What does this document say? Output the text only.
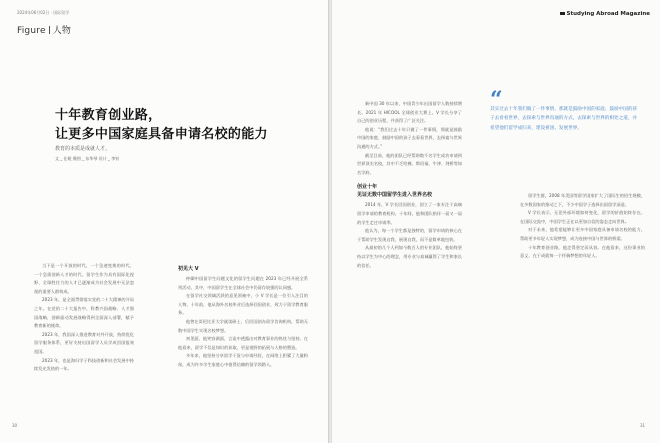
2024年06月02日 · 国际留学
Figure 人物
十年教育创业路，
让更多中国家庭具备申请名校的能力
教育的本质是成就人才。
文 _ 仕妮 摄图 _ 东华琴 设计 _ 李钊

当下是一个开放的时代，一个急速变换的时代，一个急需创新人才的时代。留学生作为具有国际化视野、全球胜任力的人才已逐渐成为社会发展中无法忽视的重要人群构成。

2023 年，是全面贯彻落实党的二十大精神的开局之年。在党的二十大报告中，科教兴国战略、人才强国战略，创新驱动发展战略得到全面深入部署，赋予教育新的使命。

2023 年，我国深入推进教育对外开放，持续优化留学服务体系，更好支持出国留学人员学成回国报效祖国。

2023 年，也是海归学子科技创新和社会发展中持续发光发热的一年。

初见大 V

仲卿中国留学生问题文化的留学生问题在 2023 年已经开展全系列活动。其中，中国留学生在全球社会中仍留存较强的认同感。

在留学社交领域活跃的意见领袖中，小 V 学长是一位引人注目的人物。十年前，他从海外名校毕业后选择回国创业，致力于留学教育服务。

他曾在哥伦比亚大学就读硕士，后回国创办留学咨询机构，帮助无数中国学生实现名校梦想。

初见面，他笑容满面，言谈中透露出对教育事业的热忱与坚持。在他看来，留学不仅是知识的获取，更是视野的拓展与人格的塑造。

多年来，他坚持分享留学干货与申请经验，在网络上积累了大量粉丝，成为许多学生家庭心中值得信赖的留学领路人。

30
Studying Abroad Magazine

新中国 30 年以来，中国青少年出国留学人数持续增长。2021 年 HICOOL 全球创业大赛上，V 学长分享了自己的创业历程，并获得了广泛关注。

他说：“我们过去十年只做了一件事情，那就是鼓励中国的家庭，鼓励中国的孩子去看看世界，去探索与世界沟通的方式。”

截至目前，他的团队已经帮助数千名学生成功申请到世界顶尖名校，其中不乏哈佛、斯坦福、牛津、剑桥等知名学府。

创业十年
见证无数中国留学生进入世界名校

2014 年，V 学长回国创业，创立了一家专注于高端留学申请的教育机构。十年间，他和团队陪伴一届又一届的学生走过申请季。

他认为，每一个学生都是独特的，留学申请的核心在于帮助学生发现自我、展现自我，而不是简单地包装。

从最初的几个人到如今数百人的专业团队，他始终坚持以学生为中心的理念，用专业与真诚赢得了学生和家长的信任。

“
其实过去十年我们做了一件事情，那就是鼓励中国的家庭、鼓励中国的孩子去看看世界，去探索与世界沟通的方式，去探索与世界的相处之道，并希望他们留学成归来，建设祖国、发展世界。

留学生群，2008 年美国等留学国家扩大了国际生的招生规模，在多数国家的推动之下，不少中国学子选择出国留学深造。

V 学长表示，无论外部环境如何变化，留学的价值始终存在。在国际交流中，中国学生正在以更加自信的姿态走向世界。

对于未来，他希望能够让更多中国家庭具备申请名校的能力，帮助更多年轻人实现梦想，成为连接中国与世界的桥梁。

十年教育创业路，他走得坚定而从容。在他看来，这份事业的意义，在于成就每一个怀揣梦想的年轻人。

31
